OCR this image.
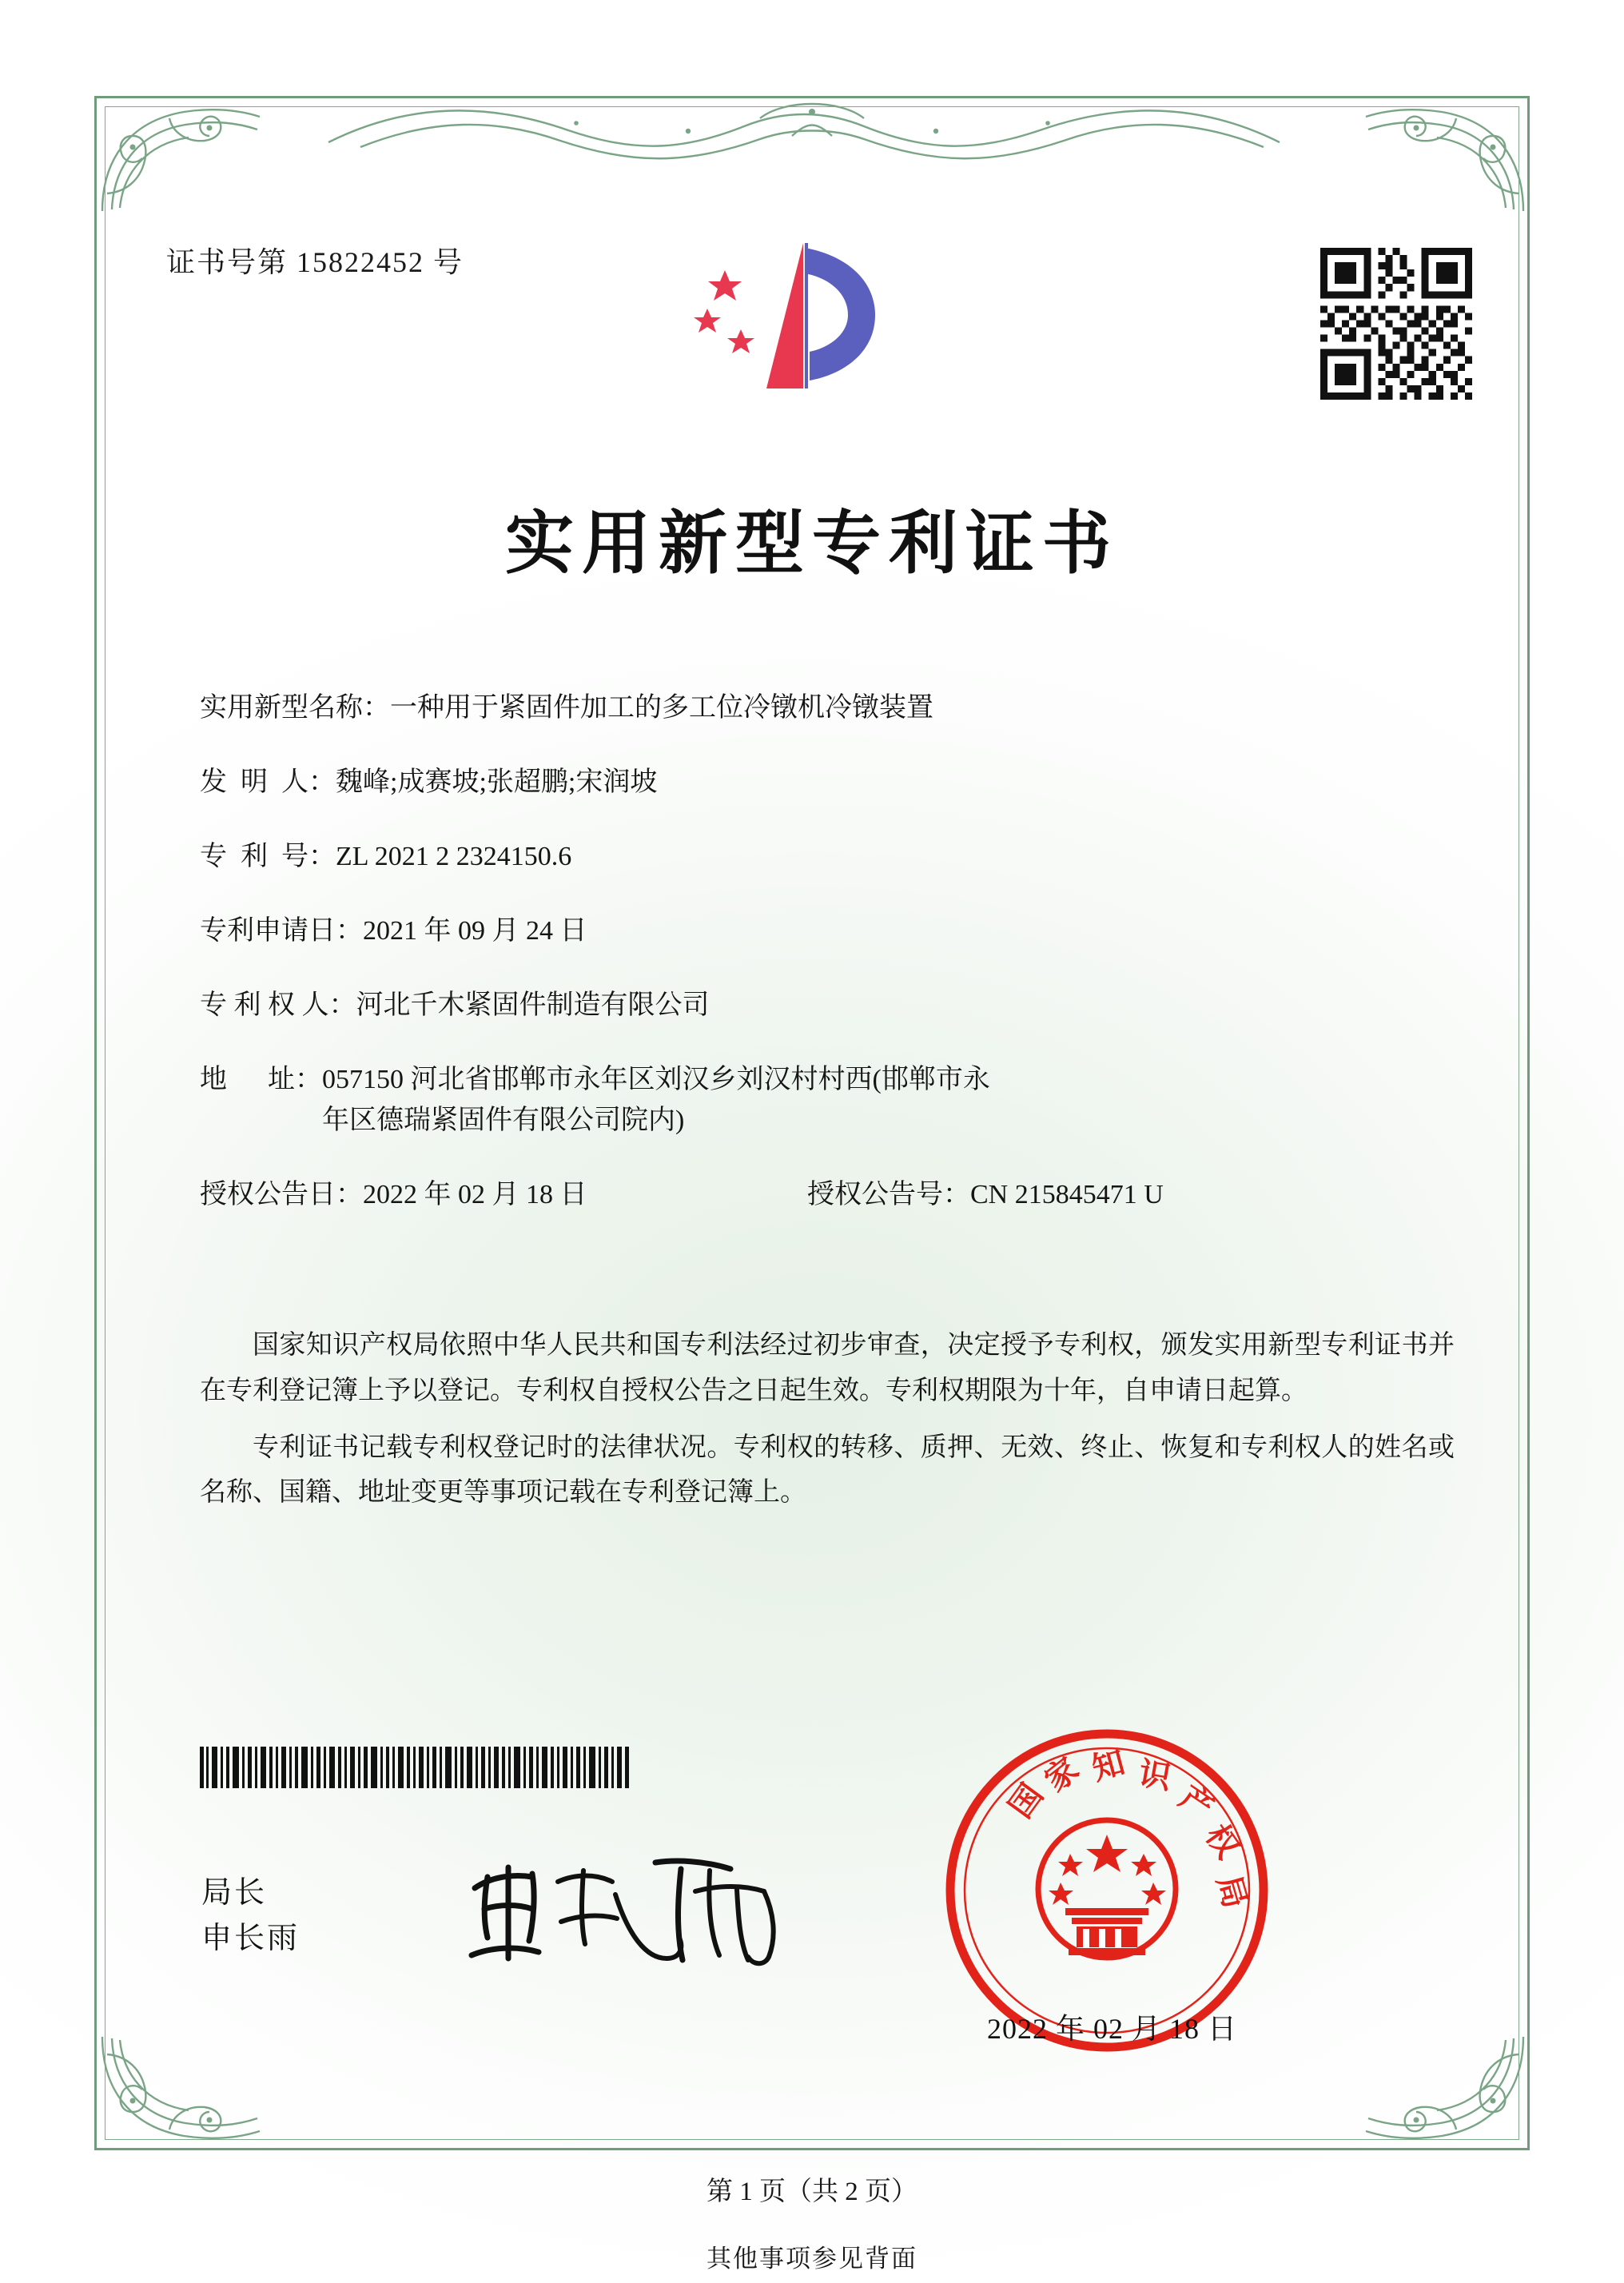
证书号第 15822452 号
实用新型专利证书
实用新型名称： 一种用于紧固件加工的多工位冷镦机冷镦装置
发  明  人： 魏峰;成赛坡;张超鹏;宋润坡
专  利  号： ZL 2021 2 2324150.6
专利申请日： 2021 年 09 月 24 日
专 利 权 人： 河北千木紧固件制造有限公司
地      址： 057150 河北省邯郸市永年区刘汉乡刘汉村村西(邯郸市永
年区德瑞紧固件有限公司院内)
授权公告日：2022 年 02 月 18 日	授权公告号：CN 215845471 U

国家知识产权局依照中华人民共和国专利法经过初步审查，决定授予专利权，颁发实用新型专利证书并在专利登记簿上予以登记。专利权自授权公告之日起生效。专利权期限为十年，自申请日起算。

专利证书记载专利权登记时的法律状况。专利权的转移、质押、无效、终止、恢复和专利权人的姓名或名称、国籍、地址变更等事项记载在专利登记簿上。

局长
申长雨
国
家 知 识
产
权
局
2022 年 02 月 18 日
第 1 页（共 2 页）
其他事项参见背面
